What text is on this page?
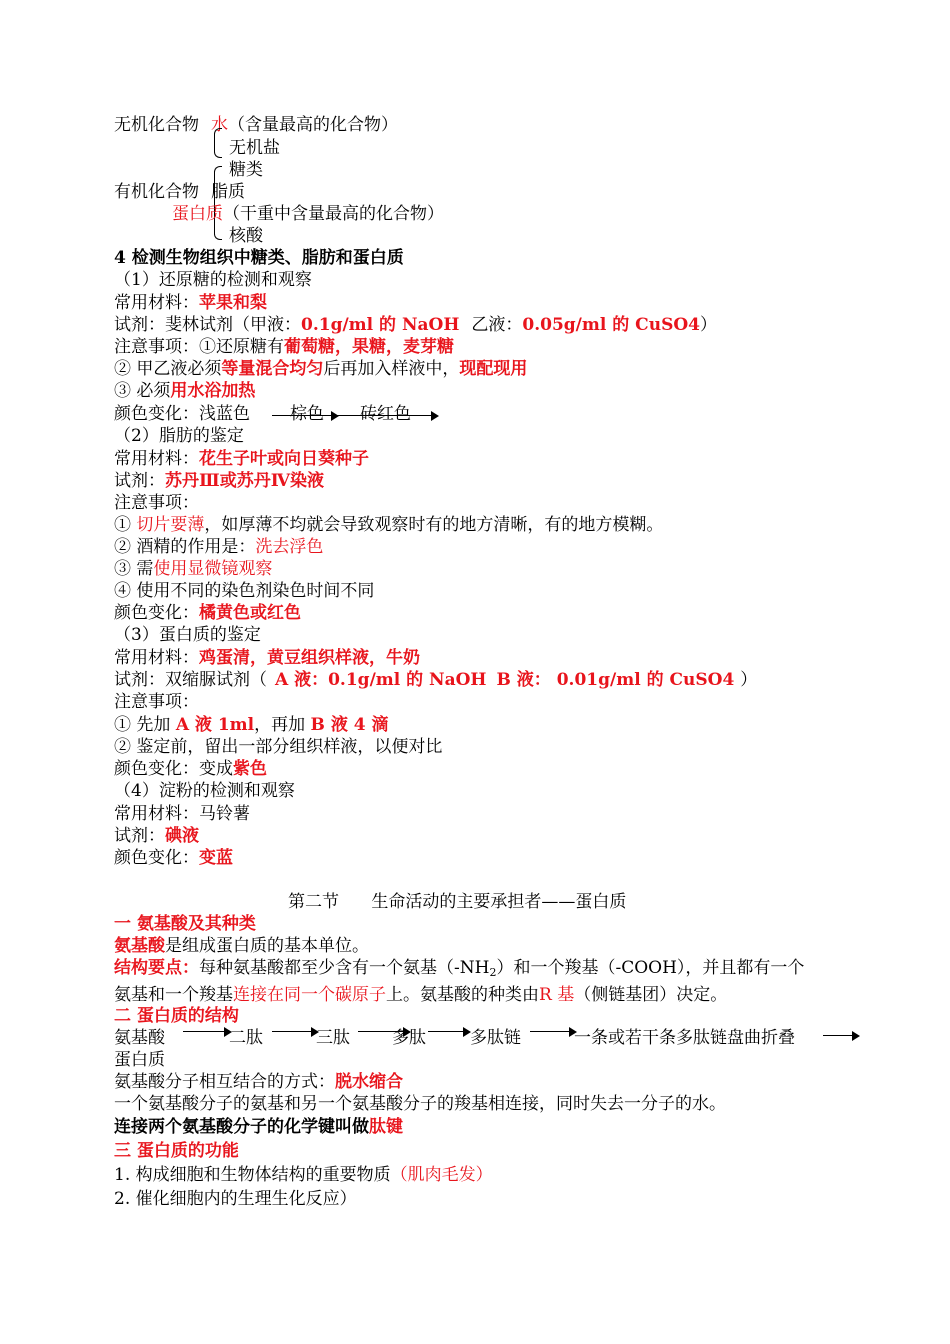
无机化合物 水（含量最高的化合物）
无机盐
糖类
有机化合物 脂质
蛋白质（干重中含量最高的化合物）
核酸
4 检测生物组织中糖类、脂肪和蛋白质
（1）还原糖的检测和观察
常用材料：苹果和梨
试剂：斐林试剂（甲液：0.1g/ml 的 NaOH 乙液：0.05g/ml 的 CuSO4）
注意事项：①还原糖有葡萄糖，果糖，麦芽糖
② 甲乙液必须等量混合均匀后再加入样液中，现配现用
③ 必须用水浴加热
颜色变化：浅蓝色 棕色 砖红色
（2）脂肪的鉴定
常用材料：花生子叶或向日葵种子
试剂：苏丹Ⅲ或苏丹Ⅳ染液
注意事项：
① 切片要薄，如厚薄不均就会导致观察时有的地方清晰，有的地方模糊。
② 酒精的作用是：洗去浮色
③ 需使用显微镜观察
④ 使用不同的染色剂染色时间不同
颜色变化：橘黄色或红色
（3）蛋白质的鉴定
常用材料：鸡蛋清，黄豆组织样液，牛奶
试剂：双缩脲试剂（ A 液：0.1g/ml 的 NaOH B 液： 0.01g/ml 的 CuSO4 ）
注意事项：
① 先加 A 液 1ml，再加 B 液 4 滴
② 鉴定前，留出一部分组织样液，以便对比
颜色变化：变成紫色
（4）淀粉的检测和观察
常用材料：马铃薯
试剂：碘液
颜色变化：变蓝
第二节      生命活动的主要承担者——蛋白质
一 氨基酸及其种类
氨基酸是组成蛋白质的基本单位。
结构要点：每种氨基酸都至少含有一个氨基$(-NH_2)$和一个羧基（-COOH），并且都有一个
氨基和一个羧基连接在同一个碳原子上。氨基酸的种类由R 基（侧链基团）决定。
二 蛋白质的结构
氨基酸	二肽	三肽 多肽	多肽链	一条或若干条多肽链盘曲折叠
蛋白质
氨基酸分子相互结合的方式：脱水缩合
一个氨基酸分子的氨基和另一个氨基酸分子的羧基相连接，同时失去一分子的水。
连接两个氨基酸分子的化学键叫做肽键
三 蛋白质的功能
1. 构成细胞和生物体结构的重要物质（肌肉毛发）
2. 催化细胞内的生理生化反应）
